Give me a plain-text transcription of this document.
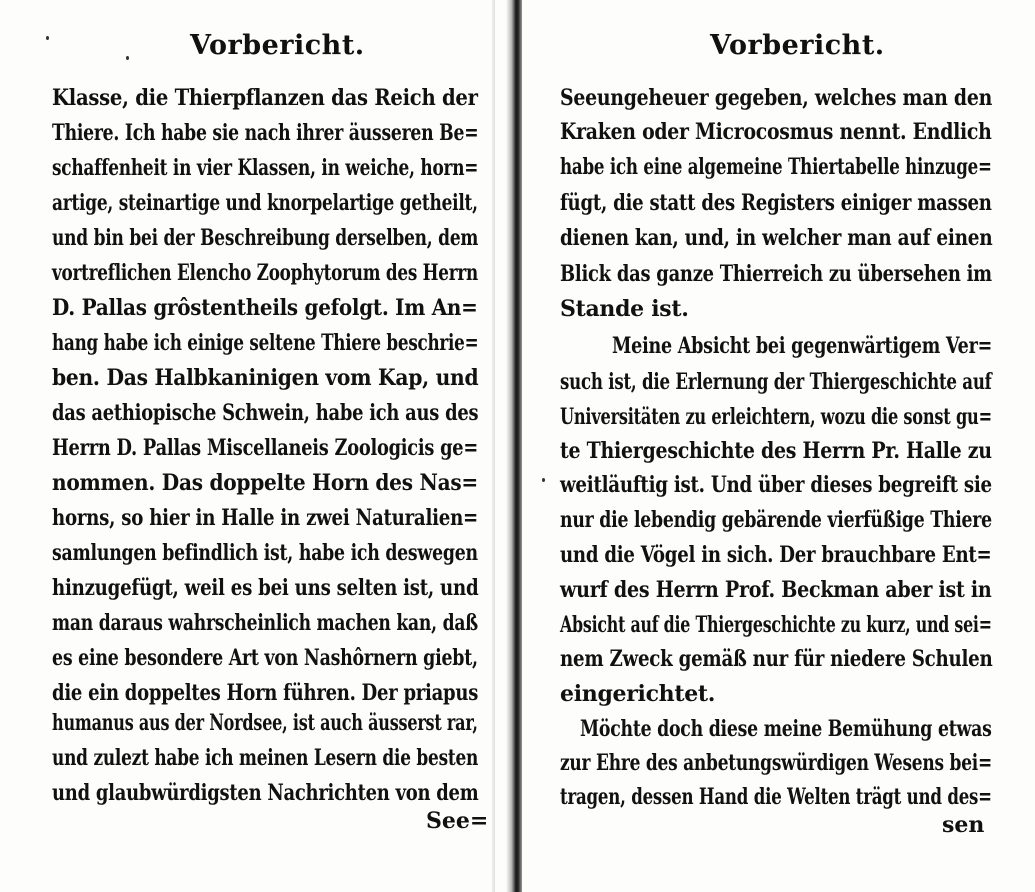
Vorbericht.
Klasse, die Thierpflanzen das Reich der
Thiere. Ich habe sie nach ihrer äusseren Be=
schaffenheit in vier Klassen, in weiche, horn=
artige, steinartige und knorpelartige getheilt,
und bin bei der Beschreibung derselben, dem
vortreflichen Elencho Zoophytorum des Herrn
D. Pallas grôstentheils gefolgt. Im An=
hang habe ich einige seltene Thiere beschrie=
ben. Das Halbkaninigen vom Kap, und
das aethiopische Schwein, habe ich aus des
Herrn D. Pallas Miscellaneis Zoologicis ge=
nommen. Das doppelte Horn des Nas=
horns, so hier in Halle in zwei Naturalien=
samlungen befindlich ist, habe ich deswegen
hinzugefügt, weil es bei uns selten ist, und
man daraus wahrscheinlich machen kan, daß
es eine besondere Art von Nashôrnern giebt,
die ein doppeltes Horn führen. Der priapus
humanus aus der Nordsee, ist auch äusserst rar,
und zulezt habe ich meinen Lesern die besten
und glaubwürdigsten Nachrichten von dem
See=
Vorbericht.
Seeungeheuer gegeben, welches man den
Kraken oder Microcosmus nennt. Endlich
habe ich eine algemeine Thiertabelle hinzuge=
fügt, die statt des Registers einiger massen
dienen kan, und, in welcher man auf einen
Blick das ganze Thierreich zu übersehen im
Stande ist.
Meine Absicht bei gegenwärtigem Ver=
such ist, die Erlernung der Thiergeschichte auf
Universitäten zu erleichtern, wozu die sonst gu=
te Thiergeschichte des Herrn Pr. Halle zu
weitläuftig ist. Und über dieses begreift sie
nur die lebendig gebärende vierfüßige Thiere
und die Vögel in sich. Der brauchbare Ent=
wurf des Herrn Prof. Beckman aber ist in
Absicht auf die Thiergeschichte zu kurz, und sei=
nem Zweck gemäß nur für niedere Schulen
eingerichtet.
Möchte doch diese meine Bemühung etwas
zur Ehre des anbetungswürdigen Wesens bei=
tragen, dessen Hand die Welten trägt und des=
sen
